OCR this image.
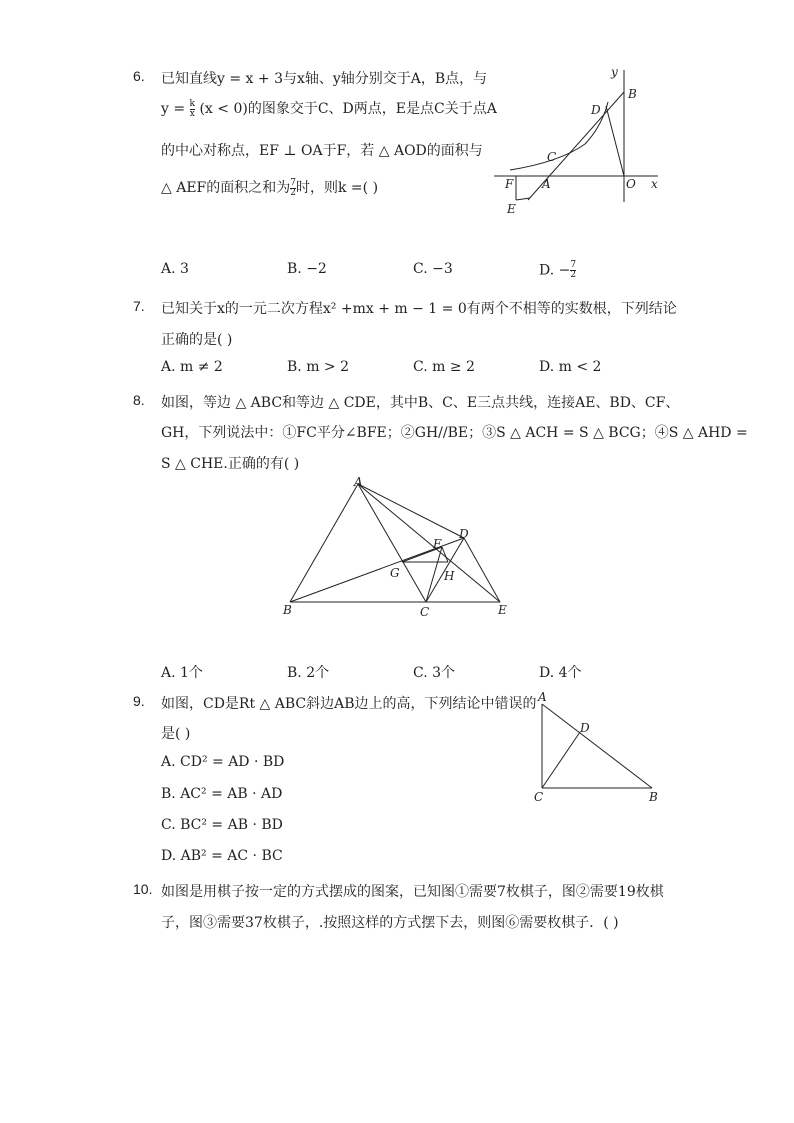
6. 已知直线y = x + 3与x轴、y轴分别交于A，B点，与
$y = \frac{k}{x} (x < 0)$的图象交于C、D两点，E是点C关于点A
的中心对称点，EF ⊥ OA于F，若 △ AOD的面积与
△ AEF的面积之和为 $\frac{7}{2}$ 时，则k =( )
y
x
B
D
C
F A	O
E
A. 3	B. −2	C. −3	D. − $\frac{7}{2}$
7. 已知关于x的一元二次方程x² +mx + m − 1 = 0有两个不相等的实数根，下列结论
正确的是( )
A. m ≠ 2	B. m > 2	C. m ≥ 2	D. m < 2
8. 如图，等边 △ ABC和等边 △ CDE，其中B、C、E三点共线，连接AE、BD、CF、
GH，下列说法中：①FC平分∠BFE；②GH//BE；③S △ ACH = S △ BCG；④S △ AHD =
S △ CHE.正确的有( )
A
D
F
G	H
B	C	E
A. 1个	B. 2个	C. 3个	D. 4个
9. 如图，CD是Rt △ ABC斜边AB边上的高，下列结论中错误的
是( )
A. CD² = AD · BD
B. AC² = AB · AD
C. BC² = AB · BD
D. AB² = AC · BC
A
D
C	B
10. 如图是用棋子按一定的方式摆成的图案，已知图①需要7枚棋子，图②需要19枚棋
子，图③需要37枚棋子，.按照这样的方式摆下去，则图⑥需要枚棋子．( )
